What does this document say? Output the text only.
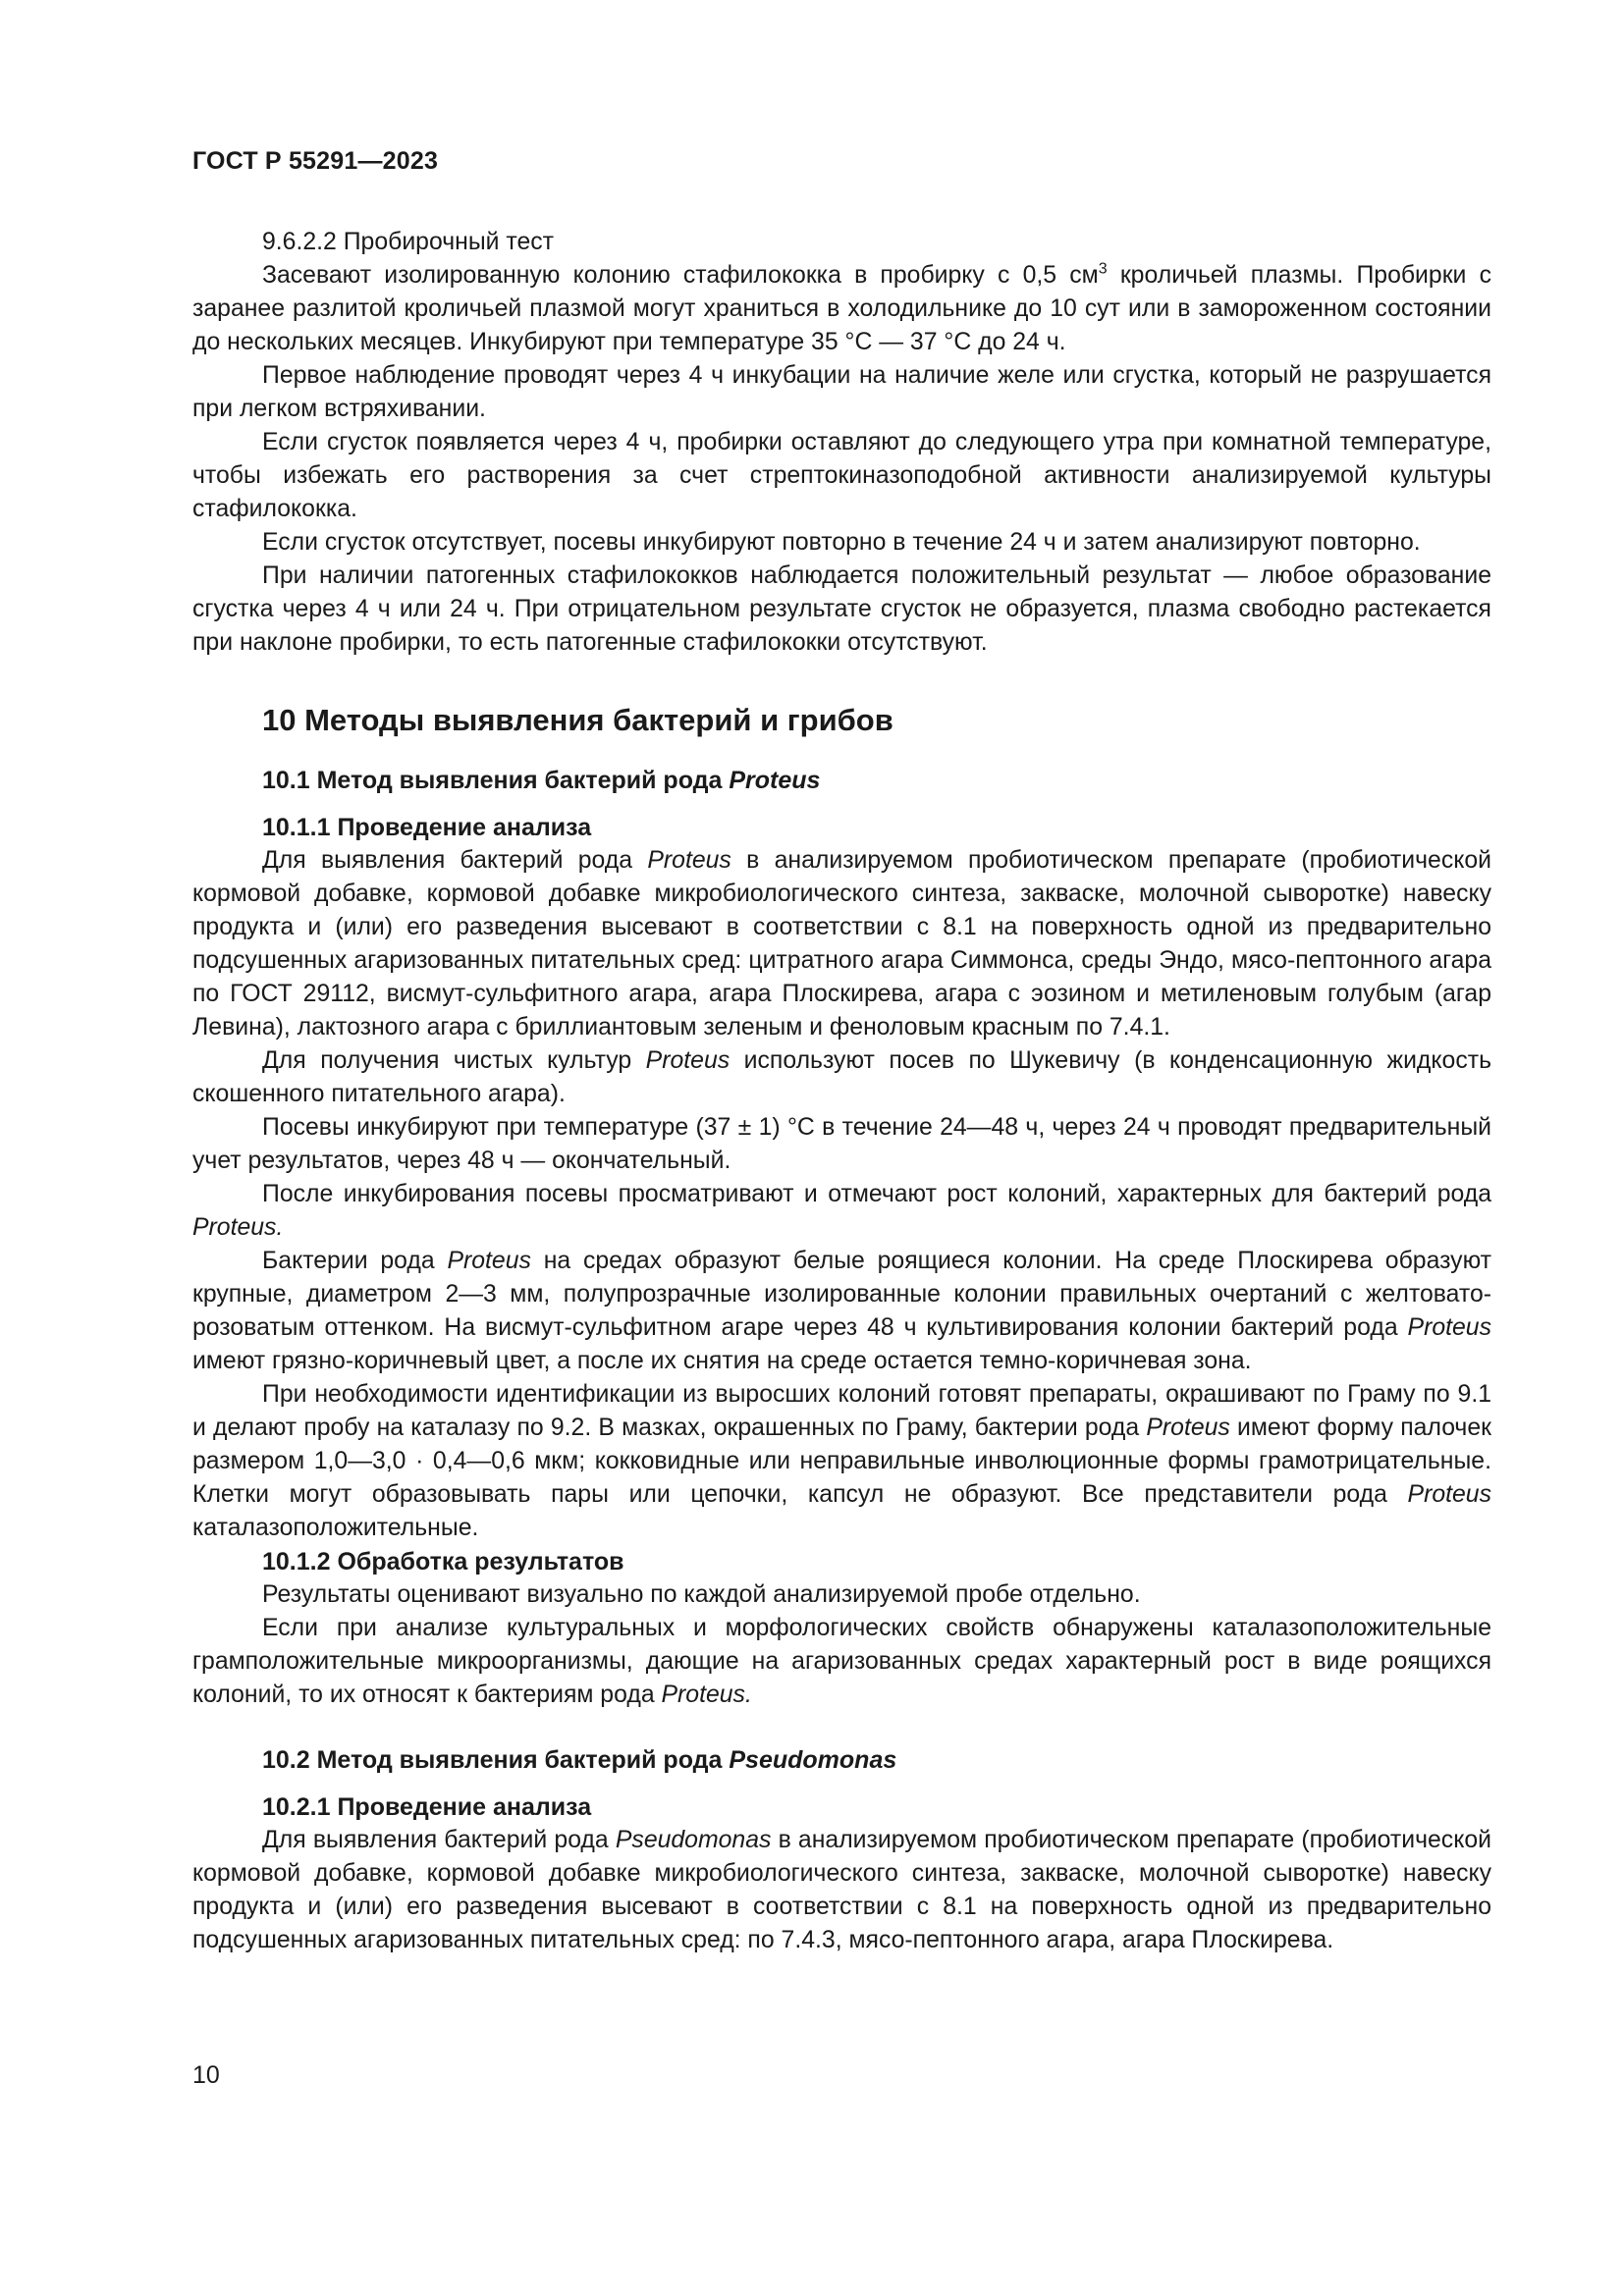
ГОСТ Р 55291—2023

9.6.2.2 Пробирочный тест

Засевают изолированную колонию стафилококка в пробирку с 0,5 $см^3$ кроличьей плазмы. Пробирки с заранее разлитой кроличьей плазмой могут храниться в холодильнике до 10 сут или в замороженном состоянии до нескольких месяцев. Инкубируют при температуре 35 °С — 37 °С до 24 ч.

Первое наблюдение проводят через 4 ч инкубации на наличие желе или сгустка, который не разрушается при легком встряхивании.

Если сгусток появляется через 4 ч, пробирки оставляют до следующего утра при комнатной температуре, чтобы избежать его растворения за счет стрептокиназоподобной активности анализируемой культуры стафилококка.

Если сгусток отсутствует, посевы инкубируют повторно в течение 24 ч и затем анализируют повторно.

При наличии патогенных стафилококков наблюдается положительный результат — любое образование сгустка через 4 ч или 24 ч. При отрицательном результате сгусток не образуется, плазма свободно растекается при наклоне пробирки, то есть патогенные стафилококки отсутствуют.

10 Методы выявления бактерий и грибов
10.1 Метод выявления бактерий рода Proteus
10.1.1 Проведение анализа

Для выявления бактерий рода Proteus в анализируемом пробиотическом препарате (пробиотической кормовой добавке, кормовой добавке микробиологического синтеза, закваске, молочной сыворотке) навеску продукта и (или) его разведения высевают в соответствии с 8.1 на поверхность одной из предварительно подсушенных агаризованных питательных сред: цитратного агара Симмонса, среды Эндо, мясо-пептонного агара по ГОСТ 29112, висмут-сульфитного агара, агара Плоскирева, агара с эозином и метиленовым голубым (агар Левина), лактозного агара с бриллиантовым зеленым и феноловым красным по 7.4.1.

Для получения чистых культур Proteus используют посев по Шукевичу (в конденсационную жидкость скошенного питательного агара).

Посевы инкубируют при температуре (37 ± 1) °С в течение 24—48 ч, через 24 ч проводят предварительный учет результатов, через 48 ч — окончательный.

После инкубирования посевы просматривают и отмечают рост колоний, характерных для бактерий рода Proteus.

Бактерии рода Proteus на средах образуют белые роящиеся колонии. На среде Плоскирева образуют крупные, диаметром 2—3 мм, полупрозрачные изолированные колонии правильных очертаний с желтовато-розоватым оттенком. На висмут-сульфитном агаре через 48 ч культивирования колонии бактерий рода Proteus имеют грязно-коричневый цвет, а после их снятия на среде остается темно-коричневая зона.

При необходимости идентификации из выросших колоний готовят препараты, окрашивают по Граму по 9.1 и делают пробу на каталазу по 9.2. В мазках, окрашенных по Граму, бактерии рода Proteus имеют форму палочек размером 1,0—3,0 · 0,4—0,6 мкм; кокковидные или неправильные инволюционные формы грамотрицательные. Клетки могут образовывать пары или цепочки, капсул не образуют. Все представители рода Proteus каталазоположительные.

10.1.2 Обработка результатов

Результаты оценивают визуально по каждой анализируемой пробе отдельно.

Если при анализе культуральных и морфологических свойств обнаружены каталазоположительные грамположительные микроорганизмы, дающие на агаризованных средах характерный рост в виде роящихся колоний, то их относят к бактериям рода Proteus.

10.2 Метод выявления бактерий рода Pseudomonas
10.2.1 Проведение анализа

Для выявления бактерий рода Pseudomonas в анализируемом пробиотическом препарате (пробиотической кормовой добавке, кормовой добавке микробиологического синтеза, закваске, молочной сыворотке) навеску продукта и (или) его разведения высевают в соответствии с 8.1 на поверхность одной из предварительно подсушенных агаризованных питательных сред: по 7.4.3, мясо-пептонного агара, агара Плоскирева.

10
